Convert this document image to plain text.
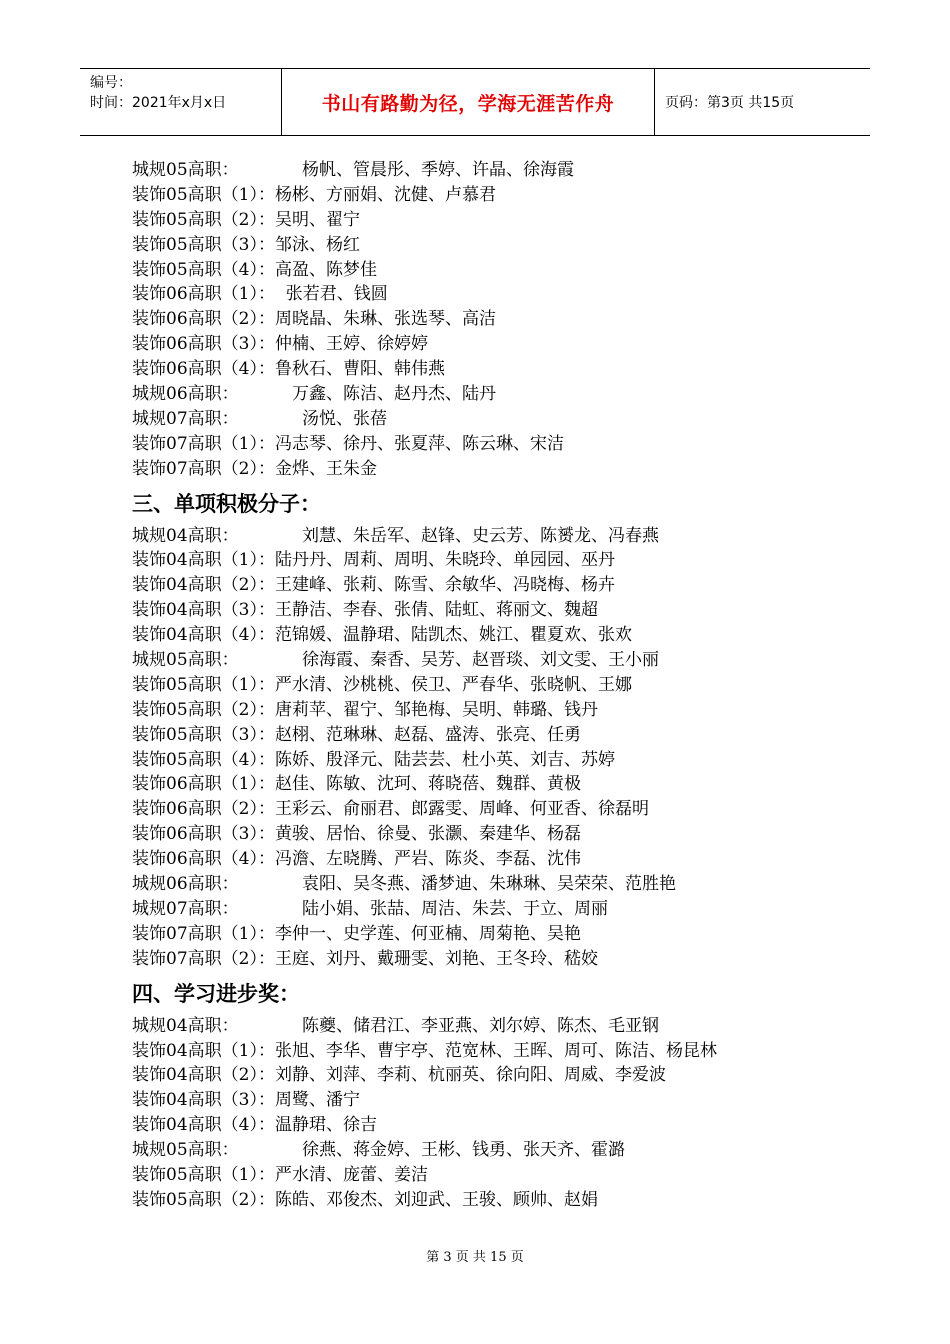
编号：
时间：2021年x月x日	书山有路勤为径，学海无涯苦作舟	页码：第3页 共15页
城规05高职：	杨帆、管晨彤、季婷、许晶、徐海霞
装饰05高职（1）： 杨彬、方丽娟、沈健、卢慕君
装饰05高职（2）： 吴明、翟宁
装饰05高职（3）： 邹泳、杨红
装饰05高职（4）： 高盈、陈梦佳
装饰06高职（1）： 张若君、钱圆
装饰06高职（2）： 周晓晶、朱琳、张选琴、高洁
装饰06高职（3）： 仲楠、王婷、徐婷婷
装饰06高职（4）： 鲁秋石、曹阳、韩伟燕
城规06高职：	万鑫、陈洁、赵丹杰、陆丹
城规07高职：	汤悦、张蓓
装饰07高职（1）： 冯志琴、徐丹、张夏萍、陈云琳、宋洁
装饰07高职（2）： 金烨、王朱金
三、单项积极分子：
城规04高职：	刘慧、朱岳军、赵锋、史云芳、陈赟龙、冯春燕
装饰04高职（1）： 陆丹丹、周莉、周明、朱晓玲、单园园、巫丹
装饰04高职（2）： 王建峰、张莉、陈雪、余敏华、冯晓梅、杨卉
装饰04高职（3）： 王静洁、李春、张倩、陆虹、蒋丽文、魏超
装饰04高职（4）： 范锦媛、温静珺、陆凯杰、姚江、瞿夏欢、张欢
城规05高职：	徐海霞、秦香、吴芳、赵晋琰、刘文雯、王小丽
装饰05高职（1）： 严水清、沙桃桃、侯卫、严春华、张晓帆、王娜
装饰05高职（2）： 唐莉苹、翟宁、邹艳梅、吴明、韩璐、钱丹
装饰05高职（3）： 赵栩、范琳琳、赵磊、盛涛、张亮、任勇
装饰05高职（4）： 陈娇、殷泽元、陆芸芸、杜小英、刘吉、苏婷
装饰06高职（1）： 赵佳、陈敏、沈珂、蒋晓蓓、魏群、黄极
装饰06高职（2）： 王彩云、俞丽君、郎露雯、周峰、何亚香、徐磊明
装饰06高职（3）： 黄骏、居怡、徐曼、张灏、秦建华、杨磊
装饰06高职（4）： 冯澹、左晓腾、严岩、陈炎、李磊、沈伟
城规06高职：	袁阳、吴冬燕、潘梦迪、朱琳琳、吴荣荣、范胜艳
城规07高职：	陆小娟、张喆、周洁、朱芸、于立、周丽
装饰07高职（1）： 李仲一、史学莲、何亚楠、周菊艳、吴艳
装饰07高职（2）： 王庭、刘丹、戴珊雯、刘艳、王冬玲、嵇姣
四、学习进步奖：
城规04高职：	陈夔、储君江、李亚燕、刘尔婷、陈杰、毛亚钢
装饰04高职（1）： 张旭、李华、曹宇亭、范宽林、王晖、周可、陈洁、杨昆林
装饰04高职（2）： 刘静、刘萍、李莉、杭丽英、徐向阳、周威、李爱波
装饰04高职（3）： 周鹭、潘宁
装饰04高职（4）： 温静珺、徐吉
城规05高职：	徐燕、蒋金婷、王彬、钱勇、张天齐、霍潞
装饰05高职（1）： 严水清、庞蕾、姜洁
装饰05高职（2）： 陈皓、邓俊杰、刘迎武、王骏、顾帅、赵娟
第 3 页 共 15 页
